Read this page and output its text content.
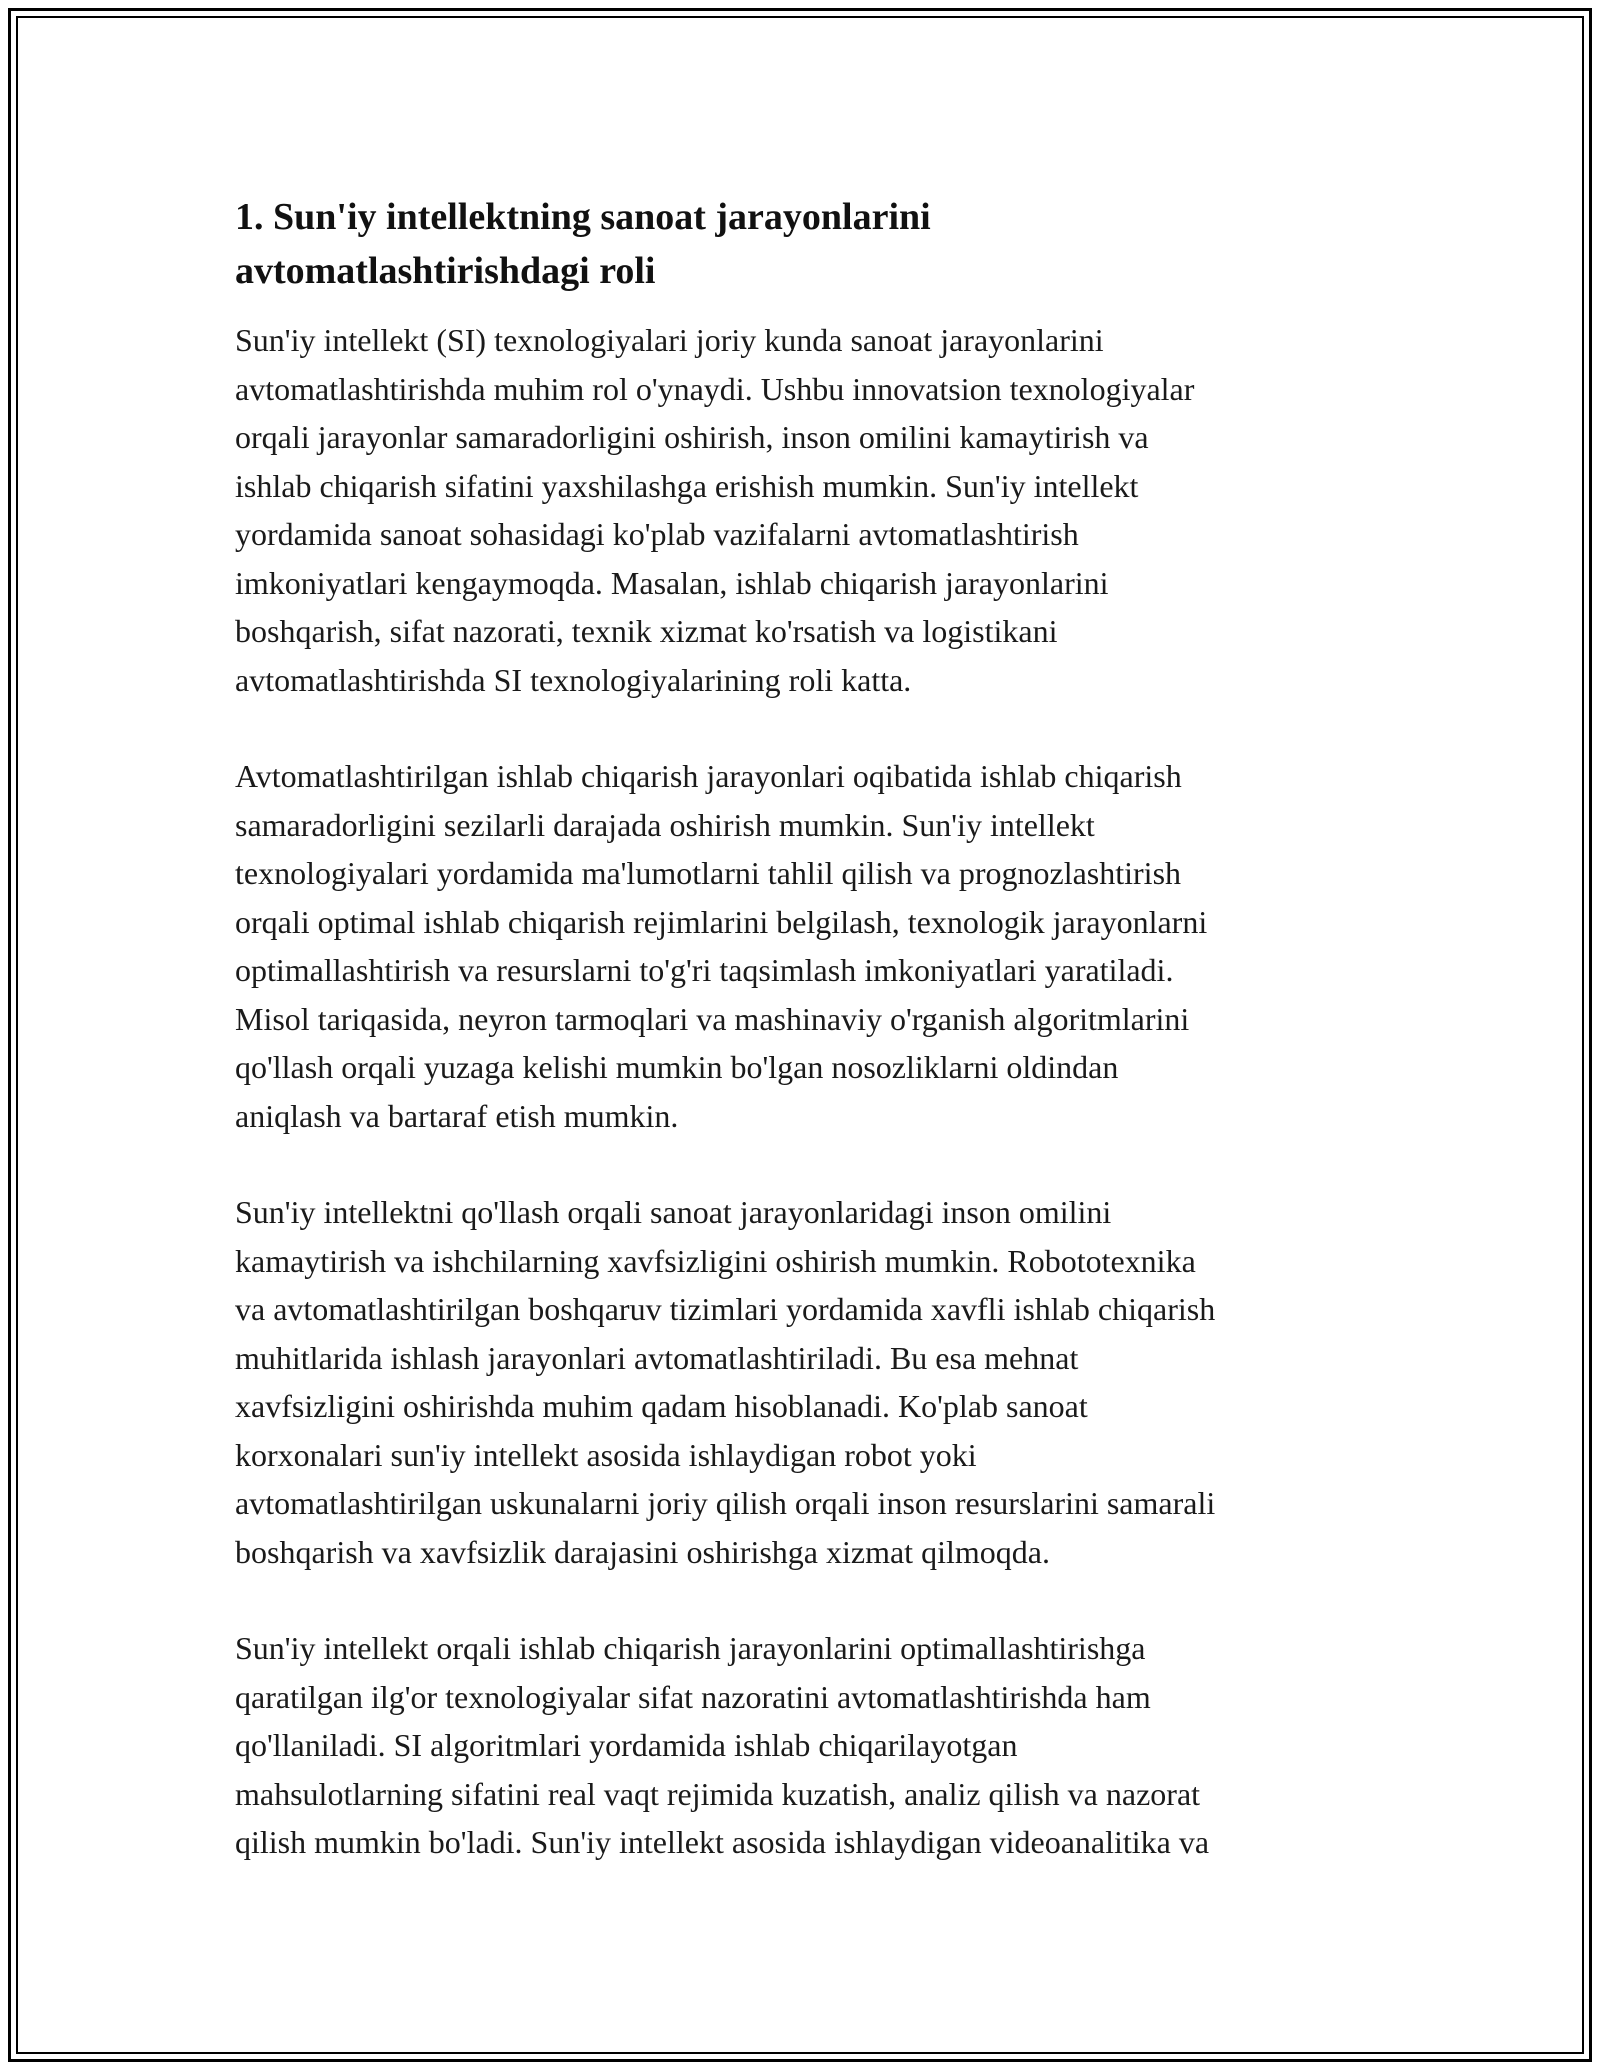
1. Sun'iy intellektning sanoat jarayonlarini
avtomatlashtirishdagi roli

Sun'iy intellekt (SI) texnologiyalari joriy kunda sanoat jarayonlarini
avtomatlashtirishda muhim rol o'ynaydi. Ushbu innovatsion texnologiyalar
orqali jarayonlar samaradorligini oshirish, inson omilini kamaytirish va
ishlab chiqarish sifatini yaxshilashga erishish mumkin. Sun'iy intellekt
yordamida sanoat sohasidagi ko'plab vazifalarni avtomatlashtirish
imkoniyatlari kengaymoqda. Masalan, ishlab chiqarish jarayonlarini
boshqarish, sifat nazorati, texnik xizmat ko'rsatish va logistikani
avtomatlashtirishda SI texnologiyalarining roli katta.

Avtomatlashtirilgan ishlab chiqarish jarayonlari oqibatida ishlab chiqarish
samaradorligini sezilarli darajada oshirish mumkin. Sun'iy intellekt
texnologiyalari yordamida ma'lumotlarni tahlil qilish va prognozlashtirish
orqali optimal ishlab chiqarish rejimlarini belgilash, texnologik jarayonlarni
optimallashtirish va resurslarni to'g'ri taqsimlash imkoniyatlari yaratiladi.
Misol tariqasida, neyron tarmoqlari va mashinaviy o'rganish algoritmlarini
qo'llash orqali yuzaga kelishi mumkin bo'lgan nosozliklarni oldindan
aniqlash va bartaraf etish mumkin.

Sun'iy intellektni qo'llash orqali sanoat jarayonlaridagi inson omilini
kamaytirish va ishchilarning xavfsizligini oshirish mumkin. Robototexnika
va avtomatlashtirilgan boshqaruv tizimlari yordamida xavfli ishlab chiqarish
muhitlarida ishlash jarayonlari avtomatlashtiriladi. Bu esa mehnat
xavfsizligini oshirishda muhim qadam hisoblanadi. Ko'plab sanoat
korxonalari sun'iy intellekt asosida ishlaydigan robot yoki
avtomatlashtirilgan uskunalarni joriy qilish orqali inson resurslarini samarali
boshqarish va xavfsizlik darajasini oshirishga xizmat qilmoqda.

Sun'iy intellekt orqali ishlab chiqarish jarayonlarini optimallashtirishga
qaratilgan ilg'or texnologiyalar sifat nazoratini avtomatlashtirishda ham
qo'llaniladi. SI algoritmlari yordamida ishlab chiqarilayotgan
mahsulotlarning sifatini real vaqt rejimida kuzatish, analiz qilish va nazorat
qilish mumkin bo'ladi. Sun'iy intellekt asosida ishlaydigan videoanalitika va
